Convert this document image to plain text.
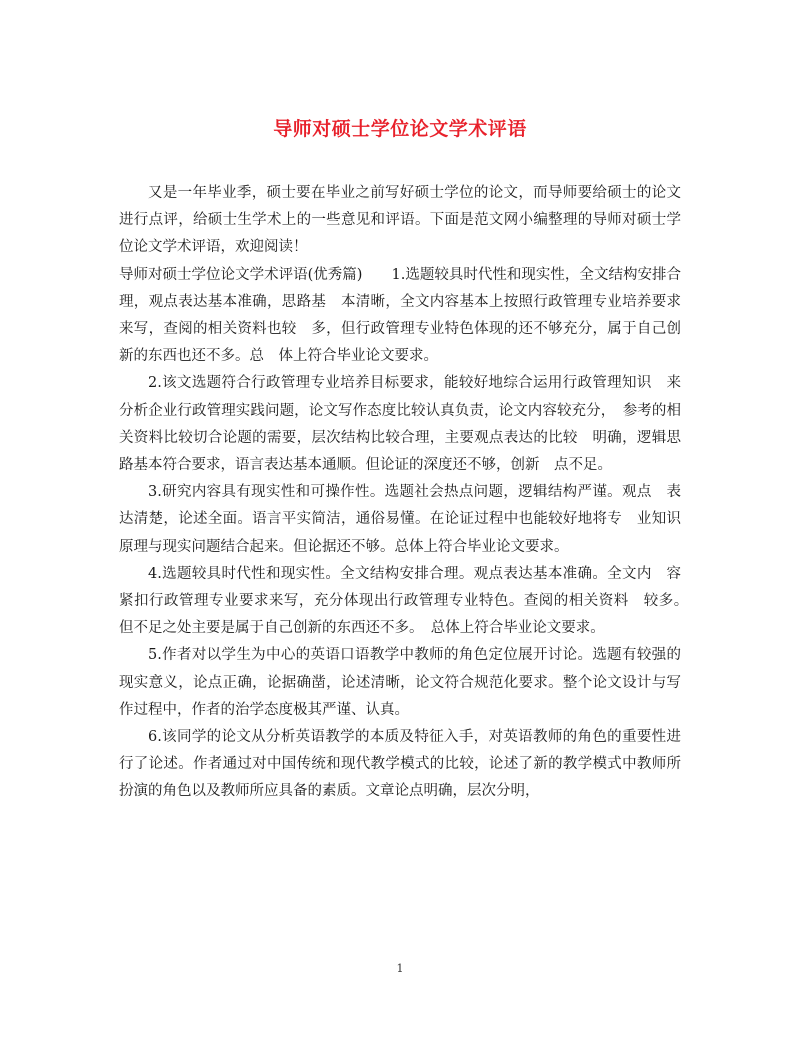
导师对硕士学位论文学术评语

又是一年毕业季，硕士要在毕业之前写好硕士学位的论文，而导师要给硕士的论文进行点评，给硕士生学术上的一些意见和评语。下面是范文网小编整理的导师对硕士学位论文学术评语，欢迎阅读！

导师对硕士学位论文学术评语(优秀篇)　　1.选题较具时代性和现实性，全文结构安排合理，观点表达基本准确，思路基　本清晰，全文内容基本上按照行政管理专业培养要求来写，查阅的相关资料也较　多，但行政管理专业特色体现的还不够充分，属于自己创新的东西也还不多。总　体上符合毕业论文要求。

2.该文选题符合行政管理专业培养目标要求，能较好地综合运用行政管理知识　来分析企业行政管理实践问题，论文写作态度比较认真负责，论文内容较充分，　参考的相关资料比较切合论题的需要，层次结构比较合理，主要观点表达的比较　明确，逻辑思路基本符合要求，语言表达基本通顺。但论证的深度还不够，创新　点不足。

3.研究内容具有现实性和可操作性。选题社会热点问题，逻辑结构严谨。观点　表达清楚，论述全面。语言平实简洁，通俗易懂。在论证过程中也能较好地将专　业知识原理与现实问题结合起来。但论据还不够。总体上符合毕业论文要求。

4.选题较具时代性和现实性。全文结构安排合理。观点表达基本准确。全文内　容紧扣行政管理专业要求来写，充分体现出行政管理专业特色。查阅的相关资料　较多。　但不足之处主要是属于自己创新的东西还不多。　总体上符合毕业论文要求。

5.作者对以学生为中心的英语口语教学中教师的角色定位展开讨论。选题有较强的现实意义，论点正确，论据确凿，论述清晰，论文符合规范化要求。整个论文设计与写作过程中，作者的治学态度极其严谨、认真。

6.该同学的论文从分析英语教学的本质及特征入手，对英语教师的角色的重要性进行了论述。作者通过对中国传统和现代教学模式的比较，论述了新的教学模式中教师所扮演的角色以及教师所应具备的素质。文章论点明确，层次分明，

1
